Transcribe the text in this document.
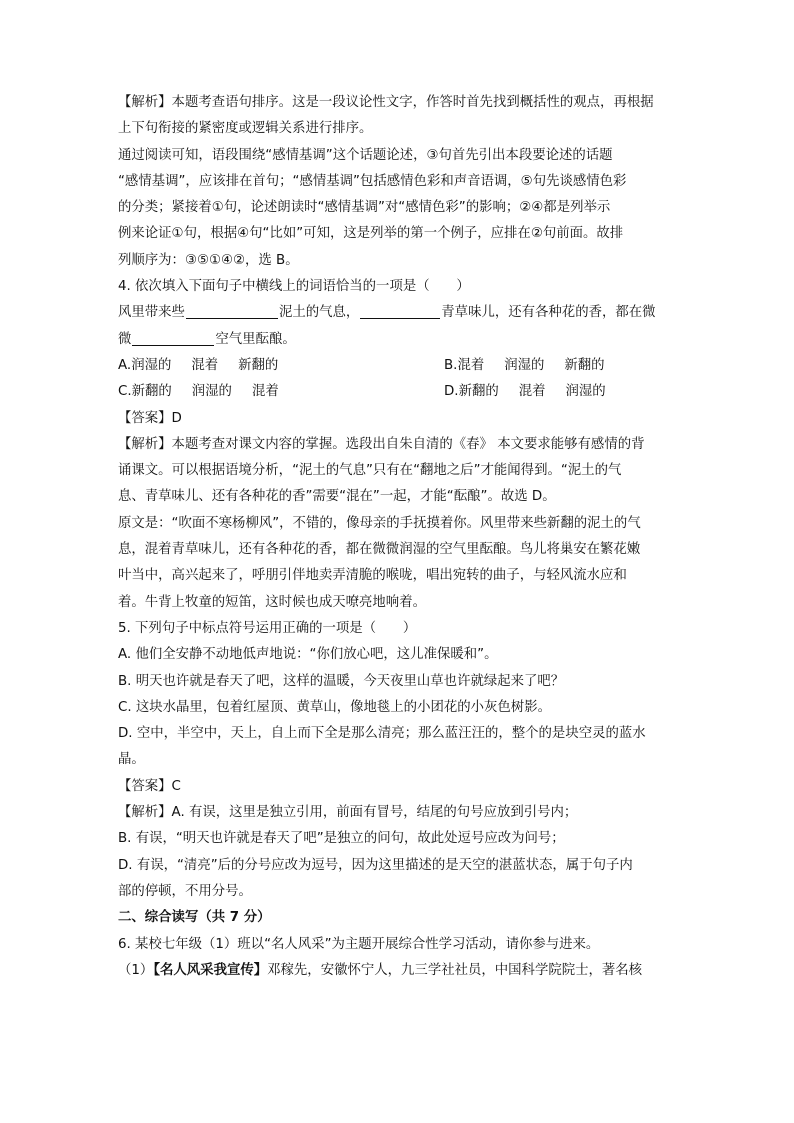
【解析】本题考查语句排序。这是一段议论性文字，作答时首先找到概括性的观点，再根据
上下句衔接的紧密度或逻辑关系进行排序。
通过阅读可知，语段围绕“感情基调”这个话题论述，③句首先引出本段要论述的话题
“感情基调”，应该排在首句；“感情基调”包括感情色彩和声音语调，⑤句先谈感情色彩
的分类；紧接着①句，论述朗读时“感情基调”对“感情色彩”的影响；②④都是列举示
例来论证①句，根据④句“比如”可知，这是列举的第一个例子，应排在②句前面。故排
列顺序为：③⑤①④②，选 B。
4. 依次填入下面句子中横线上的词语恰当的一项是（　　）
风里带来些	泥土的气息，	青草味儿，还有各种花的香，都在微
微	空气里酝酿。
A.润湿的 混着 新翻的	B.混着 润湿的 新翻的
C.新翻的 润湿的 混着	D.新翻的 混着 润湿的
【答案】D
【解析】本题考查对课文内容的掌握。选段出自朱自清的《春》 本文要求能够有感情的背
诵课文。可以根据语境分析，“泥土的气息”只有在“翻地之后”才能闻得到。“泥土的气
息、青草味儿、还有各种花的香”需要“混在”一起，才能“酝酿”。故选 D。
原文是：“吹面不寒杨柳风”，不错的，像母亲的手抚摸着你。风里带来些新翻的泥土的气
息，混着青草味儿，还有各种花的香，都在微微润湿的空气里酝酿。鸟儿将巢安在繁花嫩
叶当中，高兴起来了，呼朋引伴地卖弄清脆的喉咙，唱出宛转的曲子，与轻风流水应和
着。牛背上牧童的短笛，这时候也成天嘹亮地响着。
5. 下列句子中标点符号运用正确的一项是（　　）
A. 他们全安静不动地低声地说：“你们放心吧，这儿准保暖和”。
B. 明天也许就是春天了吧，这样的温暖，今天夜里山草也许就绿起来了吧？
C. 这块水晶里，包着红屋顶、黄草山，像地毯上的小团花的小灰色树影。
D. 空中，半空中，天上，自上而下全是那么清亮；那么蓝汪汪的，整个的是块空灵的蓝水
晶。
【答案】C
【解析】A. 有误，这里是独立引用，前面有冒号，结尾的句号应放到引号内；
B. 有误，“明天也许就是春天了吧”是独立的问句，故此处逗号应改为问号；
D. 有误，“清亮”后的分号应改为逗号，因为这里描述的是天空的湛蓝状态，属于句子内
部的停顿，不用分号。
二、综合读写（共 7 分）
6. 某校七年级（1）班以“名人风采”为主题开展综合性学习活动，请你参与进来。
（1）【名人风采我宣传】邓稼先，安徽怀宁人，九三学社社员，中国科学院院士，著名核
